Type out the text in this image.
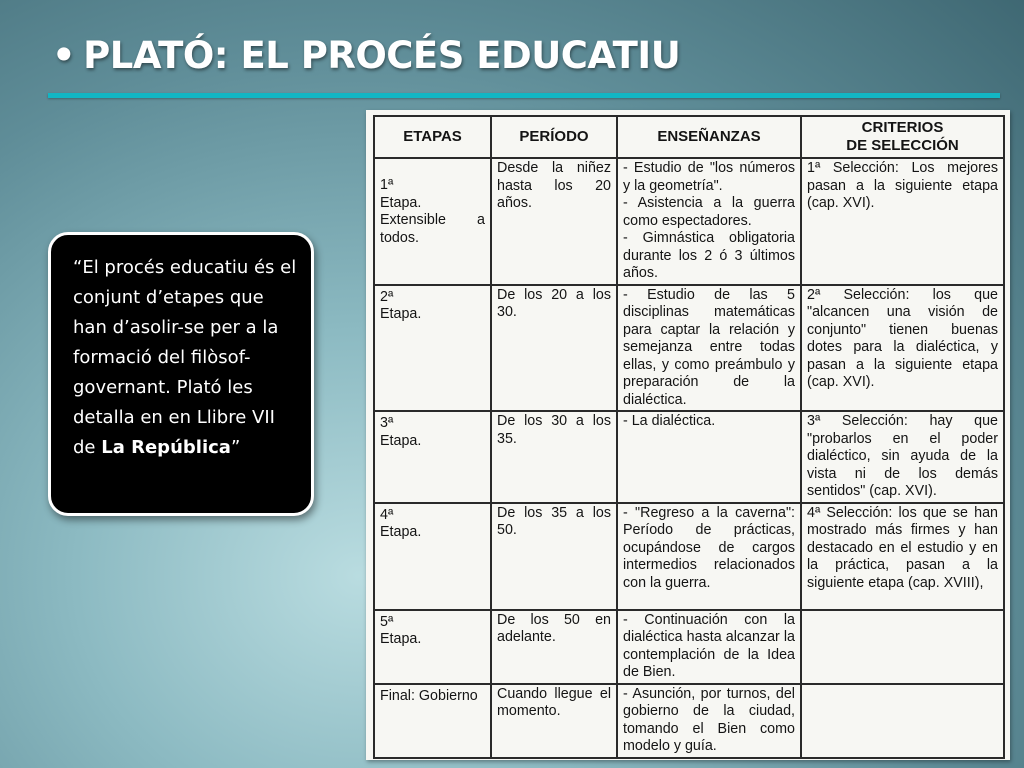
• PLATÓ: EL PROCÉS EDUCATIU
“El procés educatiu és el conjunt d’etapes que han d’asolir-se per a la formació del filòsof-governant. Plató les detalla en en Llibre VII de La República”
ETAPAS	PERÍODO	ENSEÑANZAS	CRITERIOS
DE SELECCIÓN

1ª
Etapa. Extensible a todos.	Desde la niñez hasta los 20 años.	- Estudio de "los números y la geometría".
- Asistencia a la guerra como espectadores.
- Gimnástica obligatoria durante los 2 ó 3 últimos años.	1ª Selección: Los mejores pasan a la siguiente etapa (cap. XVI).

2ª
Etapa.	De los 20 a los 30.	- Estudio de las 5 disciplinas matemáticas para captar la relación y semejanza entre todas ellas, y como preámbulo y preparación de la dialéctica.	2ª Selección: los que "alcancen una visión de conjunto" tienen buenas dotes para la dialéctica, y pasan a la siguiente etapa (cap. XVI).

3ª
Etapa.	De los 30 a los 35.	- La dialéctica.	3ª Selección: hay que "probarlos en el poder dialéctico, sin ayuda de la vista ni de los demás sentidos" (cap. XVI).

4ª
Etapa.	De los 35 a los 50.	- "Regreso a la caverna": Período de prácticas, ocupándose de cargos intermedios relacionados con la guerra.	4ª Selección: los que se han mostrado más firmes y han destacado en el estudio y en la práctica, pasan a la siguiente etapa (cap. XVIII),

5ª
Etapa.	De los 50 en adelante.	- Continuación con la dialéctica hasta alcanzar la contemplación de la Idea de Bien.	

Final: Gobierno	Cuando llegue el momento.	- Asunción, por turnos, del gobierno de la ciudad, tomando el Bien como modelo y guía.	
